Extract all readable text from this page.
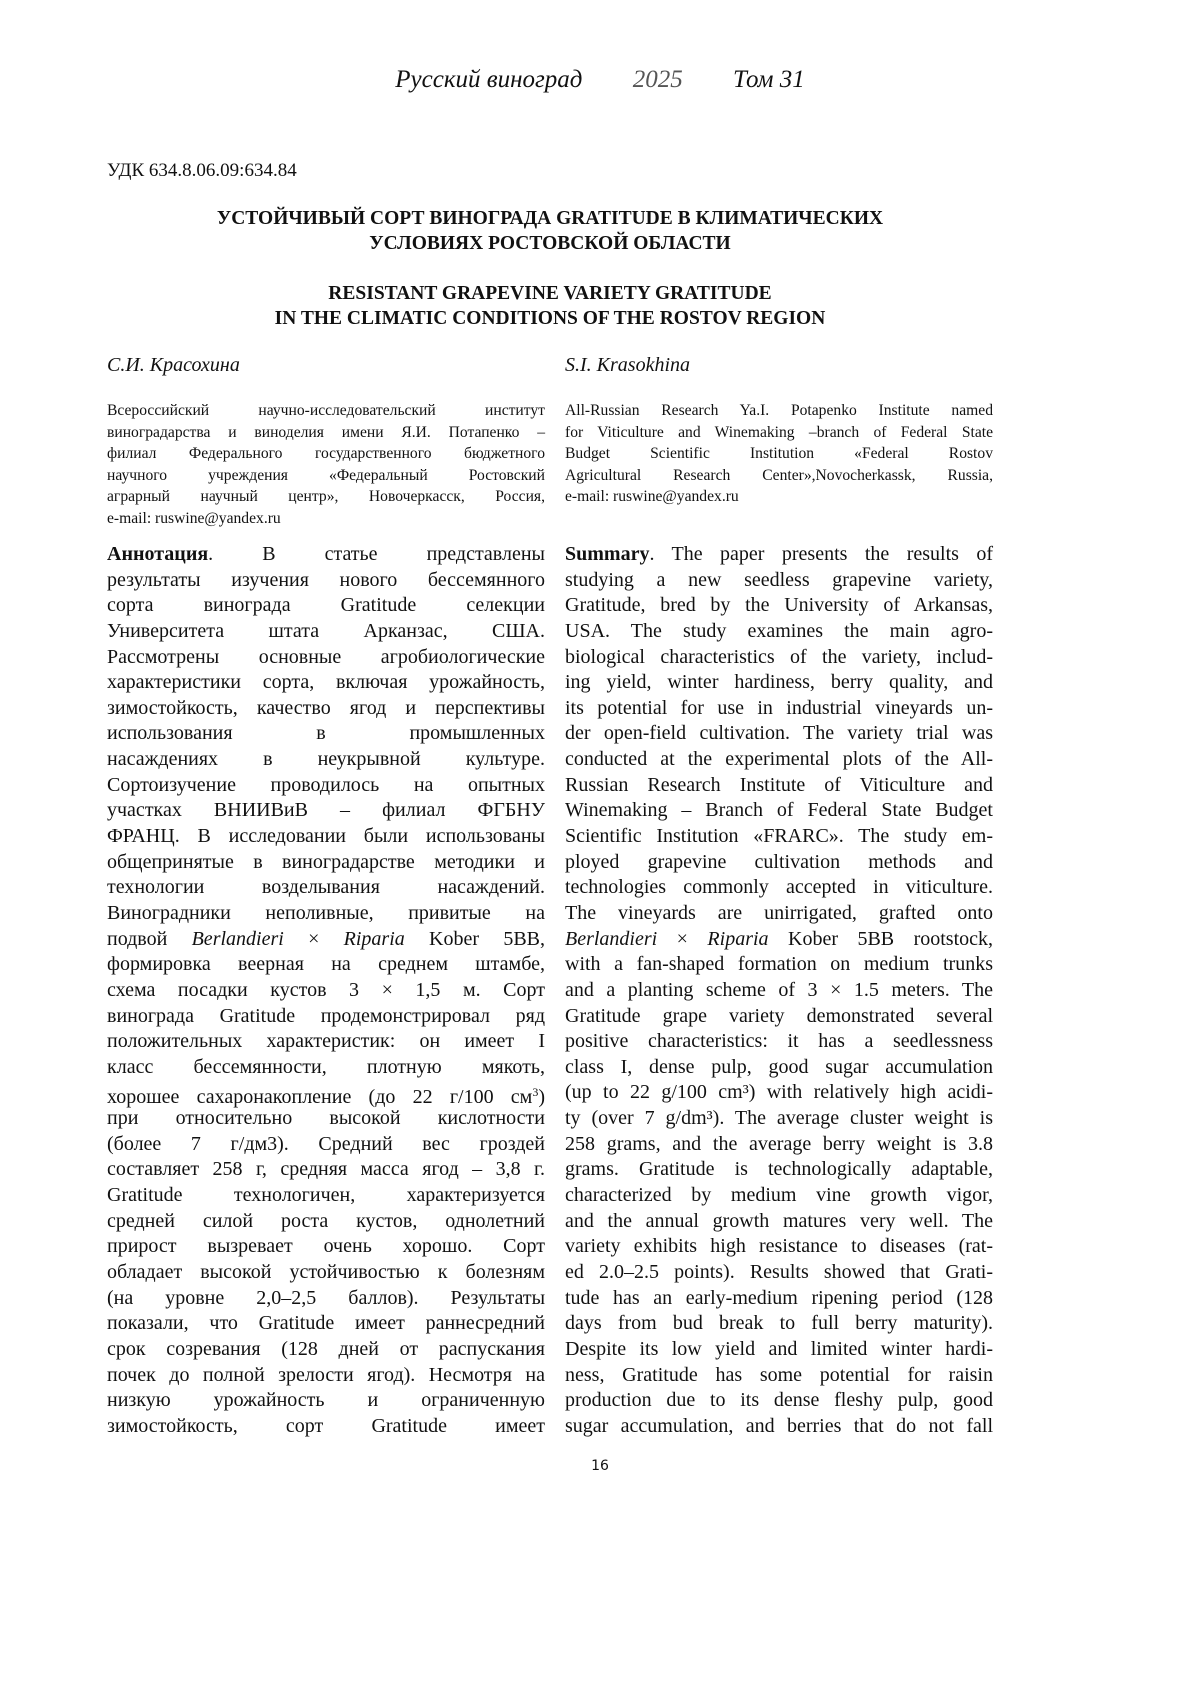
Русский виноград 2025 Том 31
УДК 634.8.06.09:634.84
УСТОЙЧИВЫЙ СОРТ ВИНОГРАДА GRATITUDE В КЛИМАТИЧЕСКИХ
УСЛОВИЯХ РОСТОВСКОЙ ОБЛАСТИ
RESISTANT GRAPEVINE VARIETY GRATITUDE
IN THE CLIMATIC CONDITIONS OF THE ROSTOV REGION
С.И. Красохина	S.I. Krasokhina
Всероссийский научно-исследовательский институт
виноградарства и виноделия имени Я.И. Потапенко –
филиал Федерального государственного бюджетного
научного учреждения «Федеральный Ростовский
аграрный научный центр», Новочеркасск, Россия,
e-mail: ruswine@yandex.ru
All-Russian Research Ya.I. Potapenko Institute named
for Viticulture and Winemaking –branch of Federal State
Budget Scientific Institution «Federal Rostov
Agricultural Research Center»,Novocherkassk, Russia,
e-mail: ruswine@yandex.ru
Аннотация. В статье представлены
результаты изучения нового бессемянного
сорта винограда Gratitude селекции
Университета штата Арканзас, США.
Рассмотрены основные агробиологические
характеристики сорта, включая урожайность,
зимостойкость, качество ягод и перспективы
использования в промышленных
насаждениях в неукрывной культуре.
Сортоизучение проводилось на опытных
участках ВНИИВиВ – филиал ФГБНУ
ФРАНЦ. В исследовании были использованы
общепринятые в виноградарстве методики и
технологии возделывания насаждений.
Виноградники неполивные, привитые на
подвой Berlandieri × Riparia Kober 5BB,
формировка веерная на среднем штамбе,
схема посадки кустов 3 × 1,5 м. Сорт
винограда Gratitude продемонстрировал ряд
положительных характеристик: он имеет I
класс бессемянности, плотную мякоть,
хорошее сахаронакопление (до 22 г/100 $см^3$)
при относительно высокой кислотности
(более 7 г/дм3). Средний вес гроздей
составляет 258 г, средняя масса ягод – 3,8 г.
Gratitude технологичен, характеризуется
средней силой роста кустов, однолетний
прирост вызревает очень хорошо. Сорт
обладает высокой устойчивостью к болезням
(на уровне 2,0–2,5 баллов). Результаты
показали, что Gratitude имеет раннесредний
срок созревания (128 дней от распускания
почек до полной зрелости ягод). Несмотря на
низкую урожайность и ограниченную
зимостойкость, сорт Gratitude имеет
Summary. The paper presents the results of
studying a new seedless grapevine variety,
Gratitude, bred by the University of Arkansas,
USA. The study examines the main agro-
biological characteristics of the variety, includ-
ing yield, winter hardiness, berry quality, and
its potential for use in industrial vineyards un-
der open-field cultivation. The variety trial was
conducted at the experimental plots of the All-
Russian Research Institute of Viticulture and
Winemaking – Branch of Federal State Budget
Scientific Institution «FRARC». The study em-
ployed grapevine cultivation methods and
technologies commonly accepted in viticulture.
The vineyards are unirrigated, grafted onto
Berlandieri × Riparia Kober 5BB rootstock,
with a fan-shaped formation on medium trunks
and a planting scheme of 3 × 1.5 meters. The
Gratitude grape variety demonstrated several
positive characteristics: it has a seedlessness
class I, dense pulp, good sugar accumulation
(up to 22 g/100 cm³) with relatively high acidi-
ty (over 7 g/dm³). The average cluster weight is
258 grams, and the average berry weight is 3.8
grams. Gratitude is technologically adaptable,
characterized by medium vine growth vigor,
and the annual growth matures very well. The
variety exhibits high resistance to diseases (rat-
ed 2.0–2.5 points). Results showed that Grati-
tude has an early-medium ripening period (128
days from bud break to full berry maturity).
Despite its low yield and limited winter hardi-
ness, Gratitude has some potential for raisin
production due to its dense fleshy pulp, good
sugar accumulation, and berries that do not fall
16
